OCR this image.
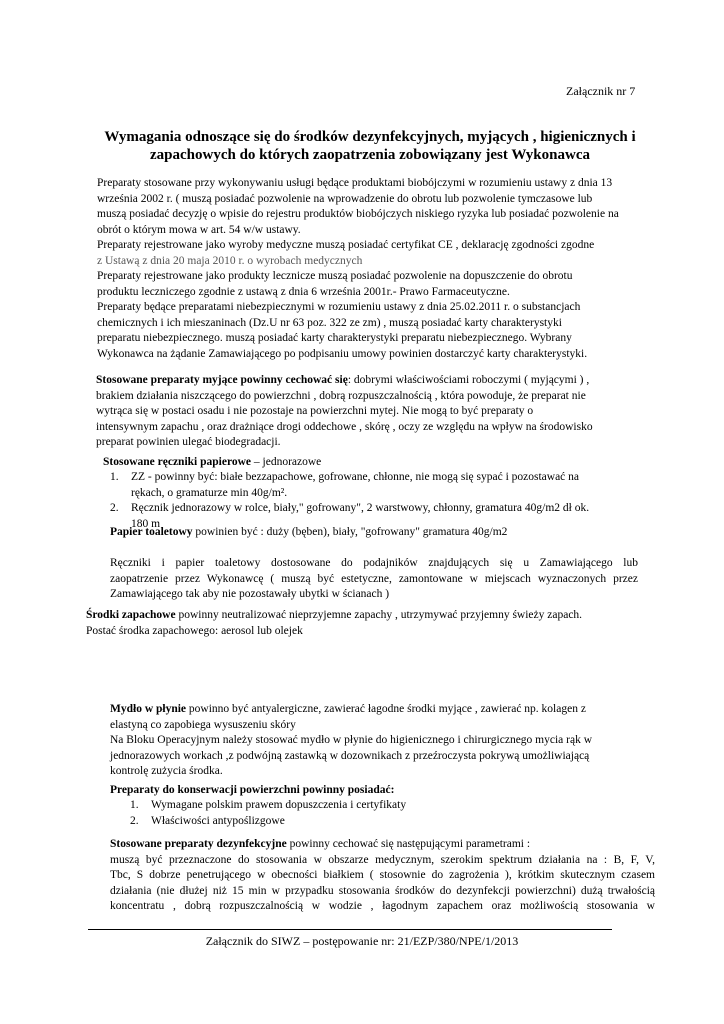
Załącznik nr 7
Wymagania odnoszące się do środków dezynfekcyjnych, myjących , higienicznych i
zapachowych do których zaopatrzenia zobowiązany jest Wykonawca
Preparaty stosowane przy wykonywaniu usługi będące produktami biobójczymi w rozumieniu ustawy z dnia 13
września 2002 r. ( muszą posiadać pozwolenie na wprowadzenie do obrotu lub pozwolenie tymczasowe lub
muszą posiadać decyzję o wpisie do rejestru produktów biobójczych niskiego ryzyka lub posiadać pozwolenie na
obrót o którym mowa w art. 54 w/w ustawy.
Preparaty rejestrowane jako wyroby medyczne muszą posiadać certyfikat CE , deklarację zgodności zgodne
z Ustawą z dnia 20 maja 2010 r. o wyrobach medycznych
Preparaty rejestrowane jako produkty lecznicze muszą posiadać pozwolenie na dopuszczenie do obrotu
produktu leczniczego zgodnie z ustawą z dnia 6 września 2001r.- Prawo Farmaceutyczne.
Preparaty będące preparatami niebezpiecznymi w rozumieniu ustawy z dnia 25.02.2011 r. o substancjach
chemicznych i ich mieszaninach (Dz.U nr 63 poz. 322 ze zm) , muszą posiadać karty charakterystyki
preparatu niebezpiecznego. muszą posiadać karty charakterystyki preparatu niebezpiecznego. Wybrany
Wykonawca na żądanie Zamawiającego po podpisaniu umowy powinien dostarczyć karty charakterystyki.
Stosowane preparaty myjące powinny cechować się: dobrymi właściwościami roboczymi ( myjącymi ) ,
brakiem działania niszczącego do powierzchni , dobrą rozpuszczalnością , która powoduje, że preparat nie
wytrąca się w postaci osadu i nie pozostaje na powierzchni mytej. Nie mogą to być preparaty o
intensywnym zapachu , oraz drażniące drogi oddechowe , skórę , oczy ze względu na wpływ na środowisko
preparat powinien ulegać biodegradacji.
Stosowane ręczniki papierowe – jednorazowe
1. ZZ - powinny być: białe bezzapachowe, gofrowane, chłonne, nie mogą się sypać i pozostawać na
rękach, o gramaturze min 40g/m².
2. Ręcznik jednorazowy w rolce, biały," gofrowany", 2 warstwowy, chłonny, gramatura 40g/m2 dł ok.
180 m
Papier toaletowy powinien być : duży (bęben), biały, "gofrowany" gramatura 40g/m2
Ręczniki i papier toaletowy dostosowane do podajników znajdujących się u Zamawiającego lub
zaopatrzenie przez Wykonawcę ( muszą być estetyczne, zamontowane w miejscach wyznaczonych przez
Zamawiającego tak aby nie pozostawały ubytki w ścianach )
Środki zapachowe powinny neutralizować nieprzyjemne zapachy , utrzymywać przyjemny świeży zapach.
Postać środka zapachowego: aerosol lub olejek
Mydło w płynie powinno być antyalergiczne, zawierać łagodne środki myjące , zawierać np. kolagen z
elastyną co zapobiega wysuszeniu skóry
Na Bloku Operacyjnym należy stosować mydło w płynie do higienicznego i chirurgicznego mycia rąk w
jednorazowych workach ,z podwójną zastawką w dozownikach z przeźroczysta pokrywą umożliwiającą
kontrolę zużycia środka.
Preparaty do konserwacji powierzchni powinny posiadać:
1. Wymagane polskim prawem dopuszczenia i certyfikaty
2. Właściwości antypoślizgowe
Stosowane preparaty dezynfekcyjne powinny cechować się następującymi parametrami :
muszą być przeznaczone do stosowania w obszarze medycznym, szerokim spektrum działania na : B, F, V,
Tbc, S dobrze penetrującego w obecności białkiem ( stosownie do zagrożenia ), krótkim skutecznym czasem
działania (nie dłużej niż 15 min w przypadku stosowania środków do dezynfekcji powierzchni) dużą trwałością
koncentratu , dobrą rozpuszczalnością w wodzie , łagodnym zapachem oraz możliwością stosowania w
Załącznik do SIWZ – postępowanie nr: 21/EZP/380/NPE/1/2013
